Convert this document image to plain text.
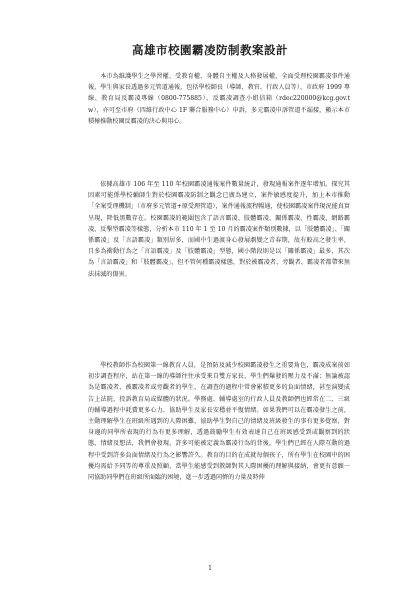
高雄市校園霸凌防制教案設計

本市為維護學生之學習權、受教育權、身體自主權及人格發展權，全面受理校園霸凌事件通報，學生與家長透過多元管道通報，包括學校師長（導師、教官、行政人員等）、市政府 1999 專線、教育局反霸凌專線（0800-775885）、反霸凌調查小組信箱（rdec220000@kcg.gov.tw），亦可至市府（四維行政中心 1F 聯合服務中心）申訴，多元霸凌申訴管道不漏接，顯示本市積極推動校園反霸凌的決心與用心。

依據高雄市 106 年至 110 年校園霸凌通報案件數量統計，發現通報案件逐年增加。探究其因素可能係學校輔師生對於校園霸凌防制之觀念已廣為建立，案件敏感度提升，加上本市推動「全案受理機制」（市府多元管道+原受理管道），案件通報流程暢通，使校園霸凌案件現況能真實呈現，降低黑數存在。校園霸凌的範圍包含了語言霸凌、肢體霸凌、關係霸凌、性霸凌、網路霸凌、反擊型霸凌等樣態，分析本市 110 年 1 至 10 月的霸凌案件類別數據，以「肢體霸凌」、「關係霸凌」及「言語霸凌」類別居多，而國中生過渡身心發展劇變之青春期，故有較高之發生率，且多為衝動行為之「言語霸凌」及「肢體霸凌」型態，國小階段則是以「關係霸凌」最多，其次為「言語霸凌」和「肢體霸凌」，但不管何種霸凌樣態，對於被霸凌者、旁觀者、霸凌者都帶來無法抹滅的傷害。

學校教師作為校園第一線教育人員，是預防及減少校園霸凌發生之重要角色，霸凌成案前如初步調查程序，站在第一線的導師往往承受來自雙方家長、學生們爆發的壓力及不滿；無論被認為是霸凌者、被霸凌者或旁觀者的學生，在調查的過程中常會累積更多的負面情緒，甚至演變成告上法院、投訴教育局或媒體的狀況。學務處、輔導處室的行政人員及教師們也經常在二、三級的輔導過程中耗費更多心力，協助學生及家長安穩並平復情緒。如果我們可以在霸凌發生之前，主動理解學生在班級所遇到的人際困難，協助學生對自己的情緒及班級發生的事有更多覺察，對身邊的同學所表現的行為有更多理解，透過鼓勵學生有效表達自己在班級感受到或觀察到的狀態、情緒及想法，我們會發現，許多可能被定義為霸凌行為的背後，學生們已經在人際互動的過程中受到許多負面情緒及行為之影響許久。教育的目的在成就每個孩子，所有學生在校園中的困擾均需給予同等的尊重及照顧，當學生能感受到教師對其人際困擾的理解與接納，會更有意願一同協助同學們在班級所面臨的困境，進一步透過同儕的力量及時伸

1
